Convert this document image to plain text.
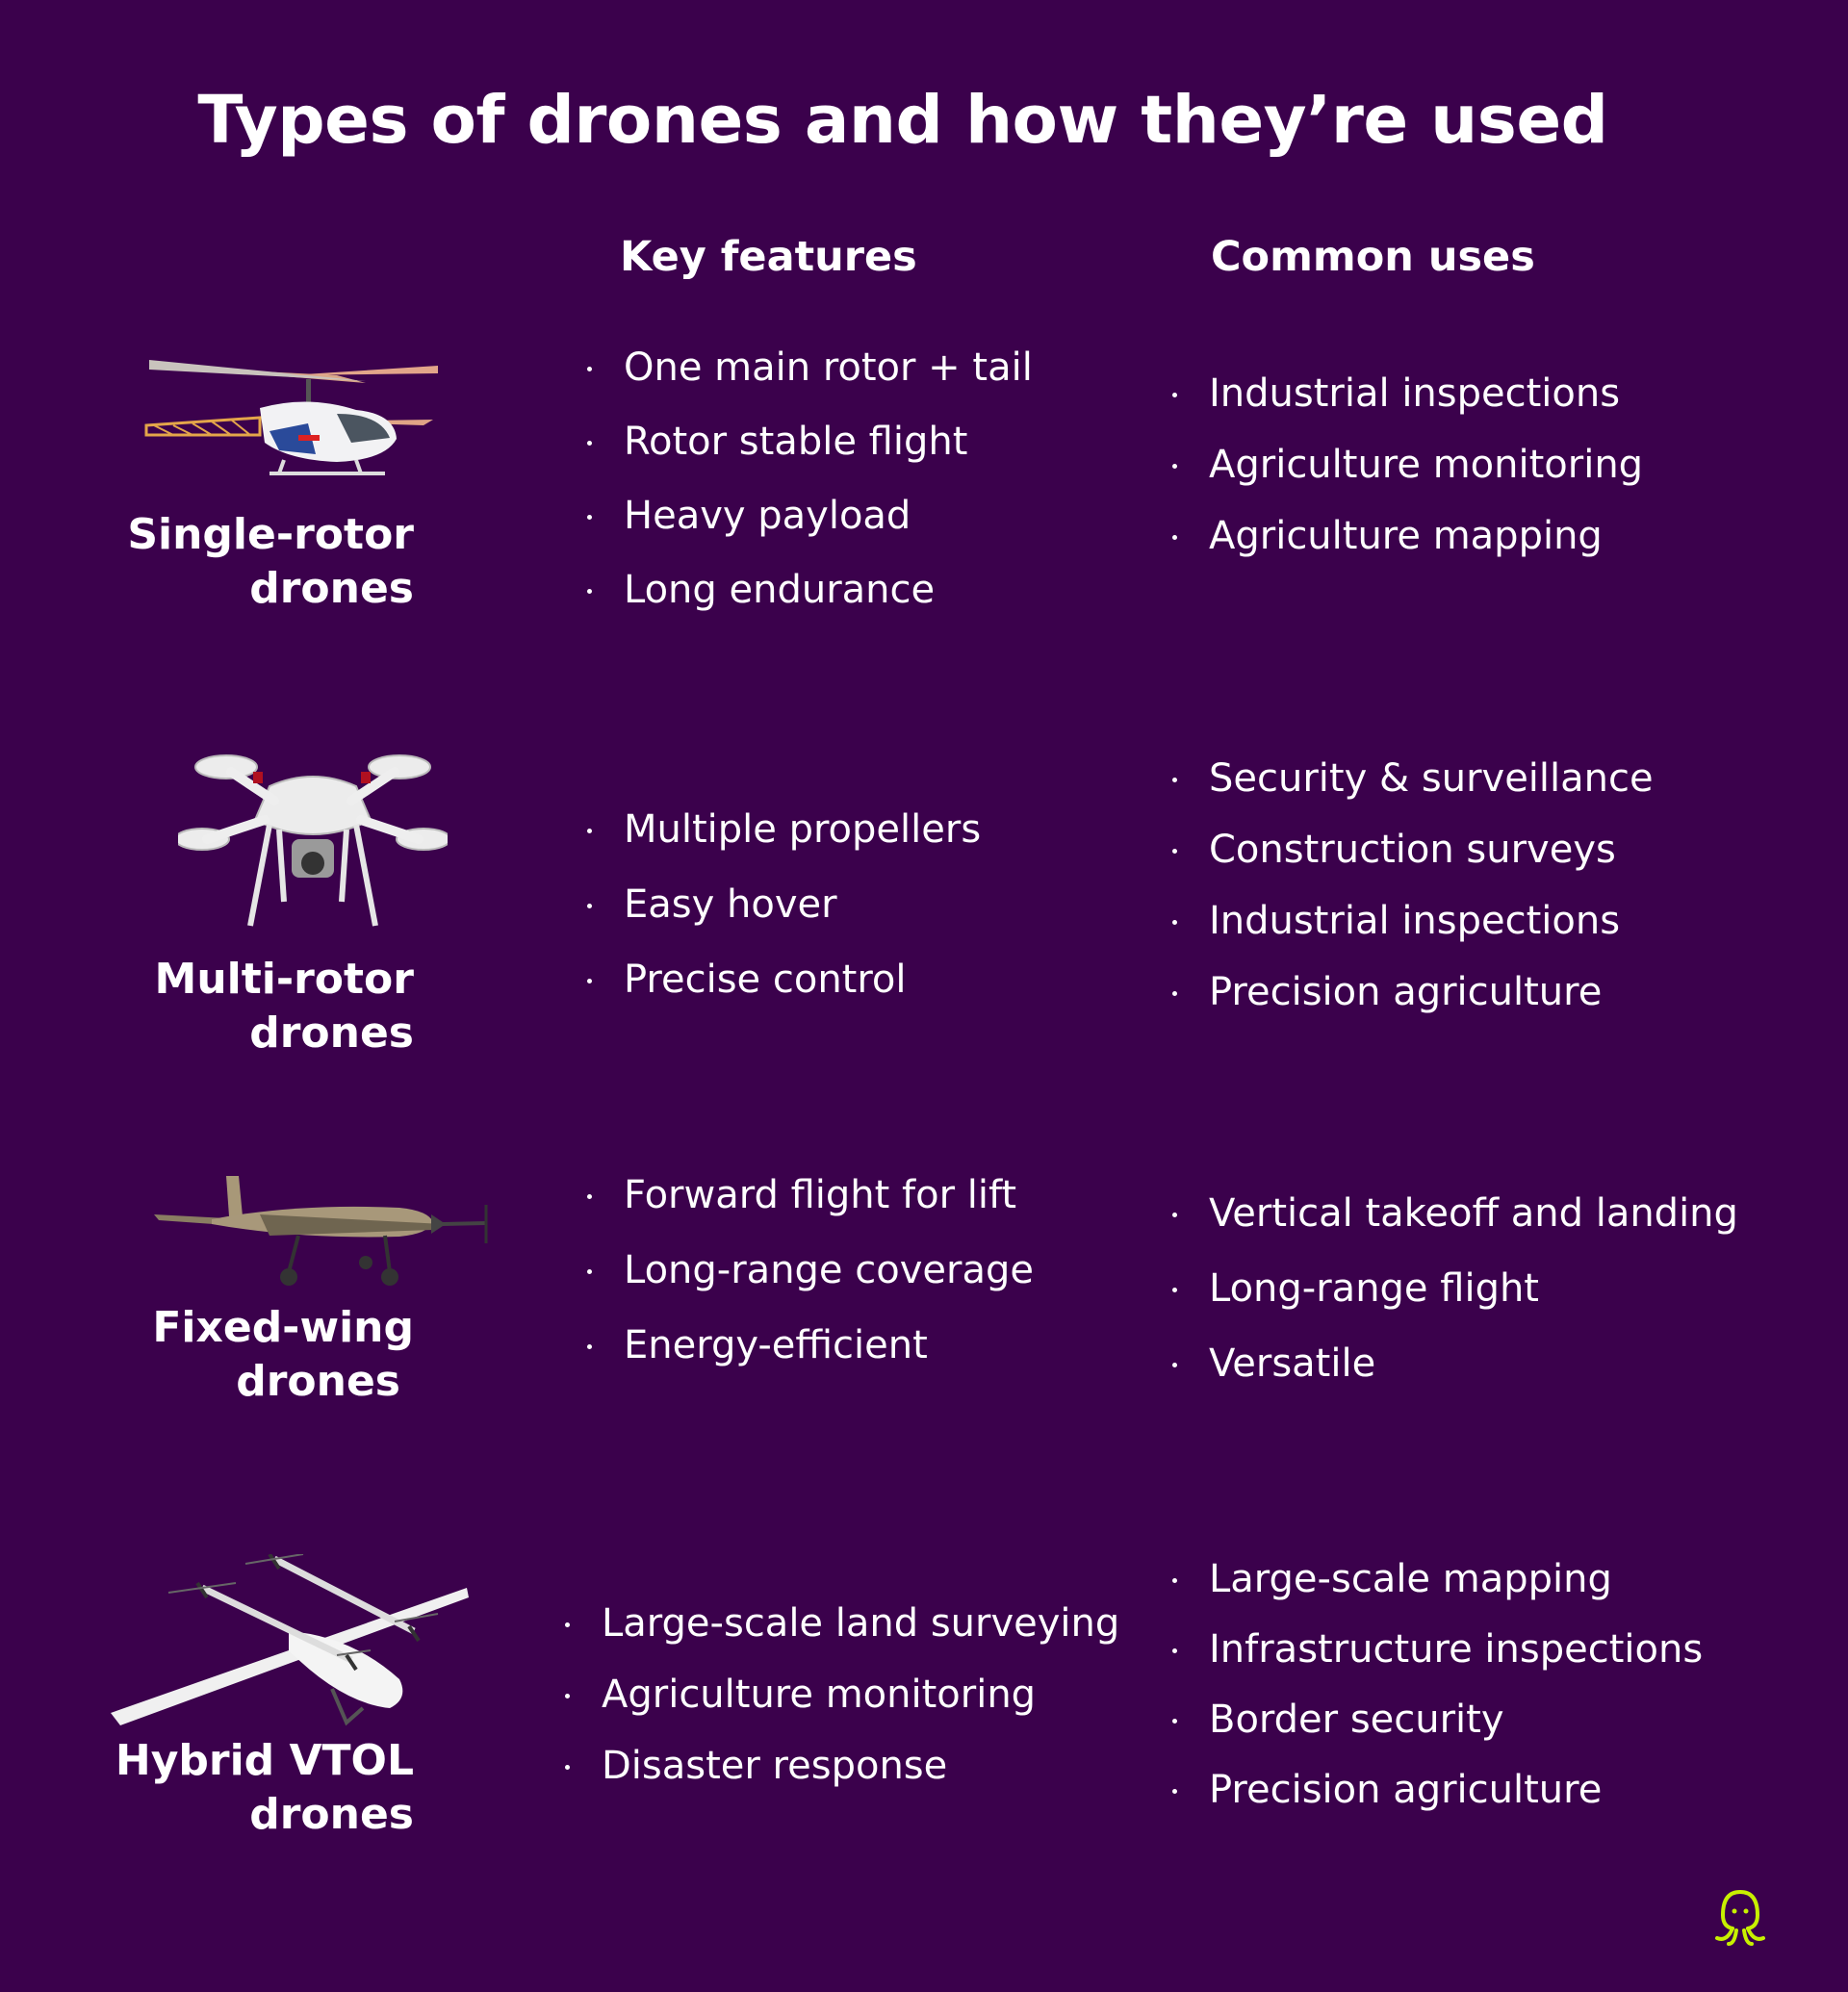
Types of drones and how they’re used
Key features	Common uses
Single-rotor
drones
One main rotor + tail
Rotor stable flight
Heavy payload
Long endurance
Industrial inspections
Agriculture monitoring
Agriculture mapping
Multi-rotor
drones
Multiple propellers
Easy hover
Precise control
Security & surveillance
Construction surveys
Industrial inspections
Precision agriculture
Fixed-wing
drones
Forward flight for lift
Long-range coverage
Energy-efficient
Vertical takeoff and landing
Long-range flight
Versatile
Hybrid VTOL
drones
Large-scale land surveying
Agriculture monitoring
Disaster response
Large-scale mapping
Infrastructure inspections
Border security
Precision agriculture
